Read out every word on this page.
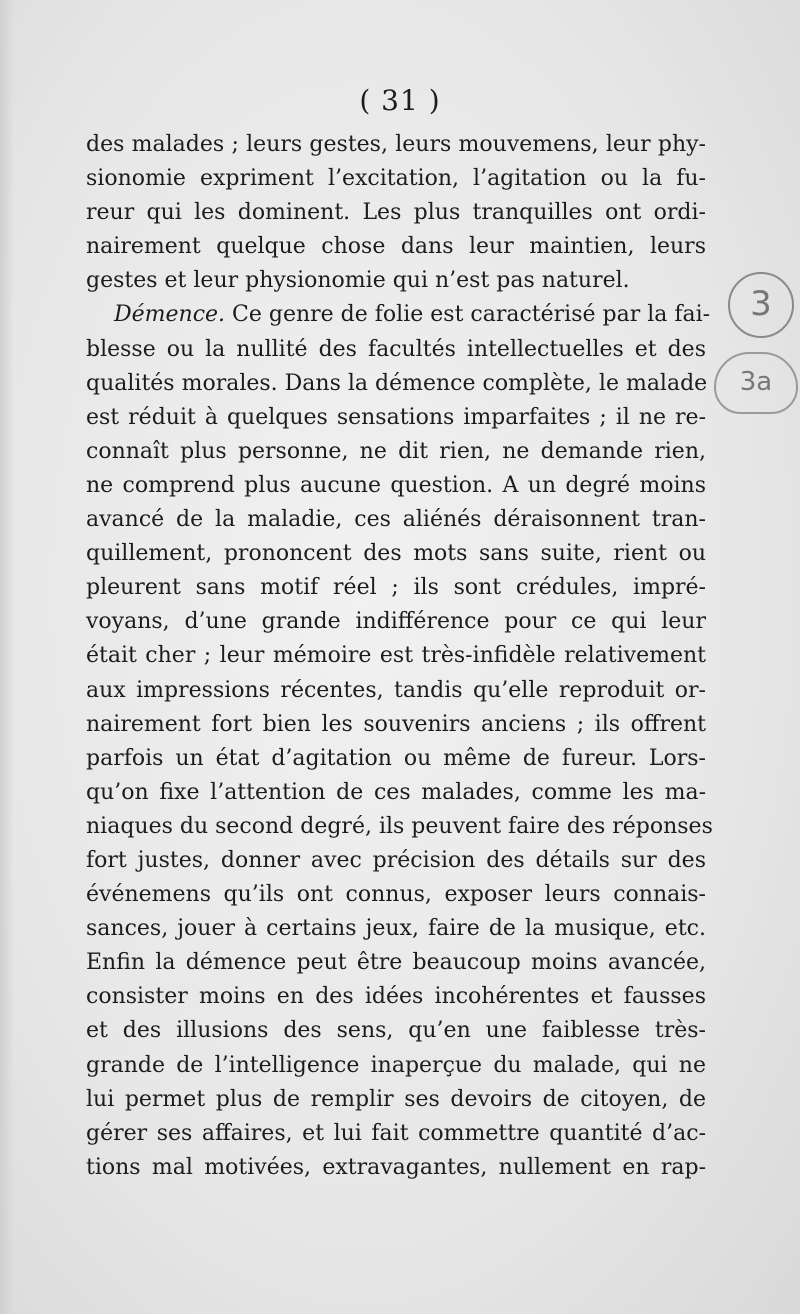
( 31 )
des malades ; leurs gestes, leurs mouvemens, leur phy-
sionomie expriment l’excitation, l’agitation ou la fu-
reur qui les dominent. Les plus tranquilles ont ordi-
nairement quelque chose dans leur maintien, leurs
gestes et leur physionomie qui n’est pas naturel.
Démence. Ce genre de folie est caractérisé par la fai-
blesse ou la nullité des facultés intellectuelles et des
qualités morales. Dans la démence complète, le malade
est réduit à quelques sensations imparfaites ; il ne re-
connaît plus personne, ne dit rien, ne demande rien,
ne comprend plus aucune question. A un degré moins
avancé de la maladie, ces aliénés déraisonnent tran-
quillement, prononcent des mots sans suite, rient ou
pleurent sans motif réel ; ils sont crédules, impré-
voyans, d’une grande indifférence pour ce qui leur
était cher ; leur mémoire est très-infidèle relativement
aux impressions récentes, tandis qu’elle reproduit or-
nairement fort bien les souvenirs anciens ; ils offrent
parfois un état d’agitation ou même de fureur. Lors-
qu’on fixe l’attention de ces malades, comme les ma-
niaques du second degré, ils peuvent faire des réponses
fort justes, donner avec précision des détails sur des
événemens qu’ils ont connus, exposer leurs connais-
sances, jouer à certains jeux, faire de la musique, etc.
Enfin la démence peut être beaucoup moins avancée,
consister moins en des idées incohérentes et fausses
et des illusions des sens, qu’en une faiblesse très-
grande de l’intelligence inaperçue du malade, qui ne
lui permet plus de remplir ses devoirs de citoyen, de
gérer ses affaires, et lui fait commettre quantité d’ac-
tions mal motivées, extravagantes, nullement en rap-
3
3a
